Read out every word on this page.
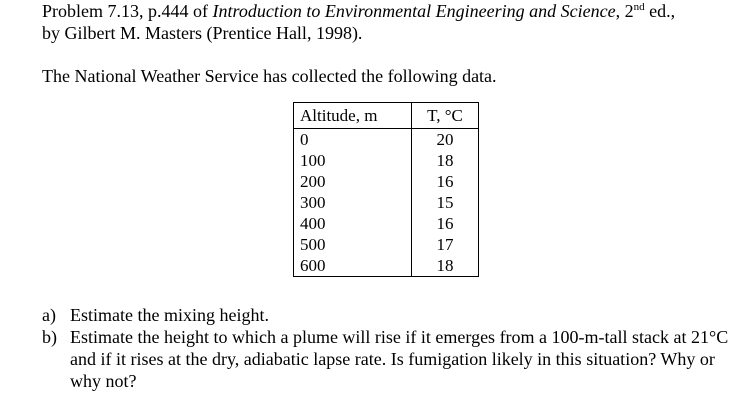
Problem 7.13, p.444 of Introduction to Environmental Engineering and Science, 2nd ed.,
by Gilbert M. Masters (Prentice Hall, 1998).
The National Weather Service has collected the following data.
Altitude, m	T, °C
0	20
100	18
200	16
300	15
400	16
500	17
600	18
a) Estimate the mixing height.
b) Estimate the height to which a plume will rise if it emerges from a 100-m-tall stack at 21°C and if it rises at the dry, adiabatic lapse rate. Is fumigation likely in this situation? Why or why not?
